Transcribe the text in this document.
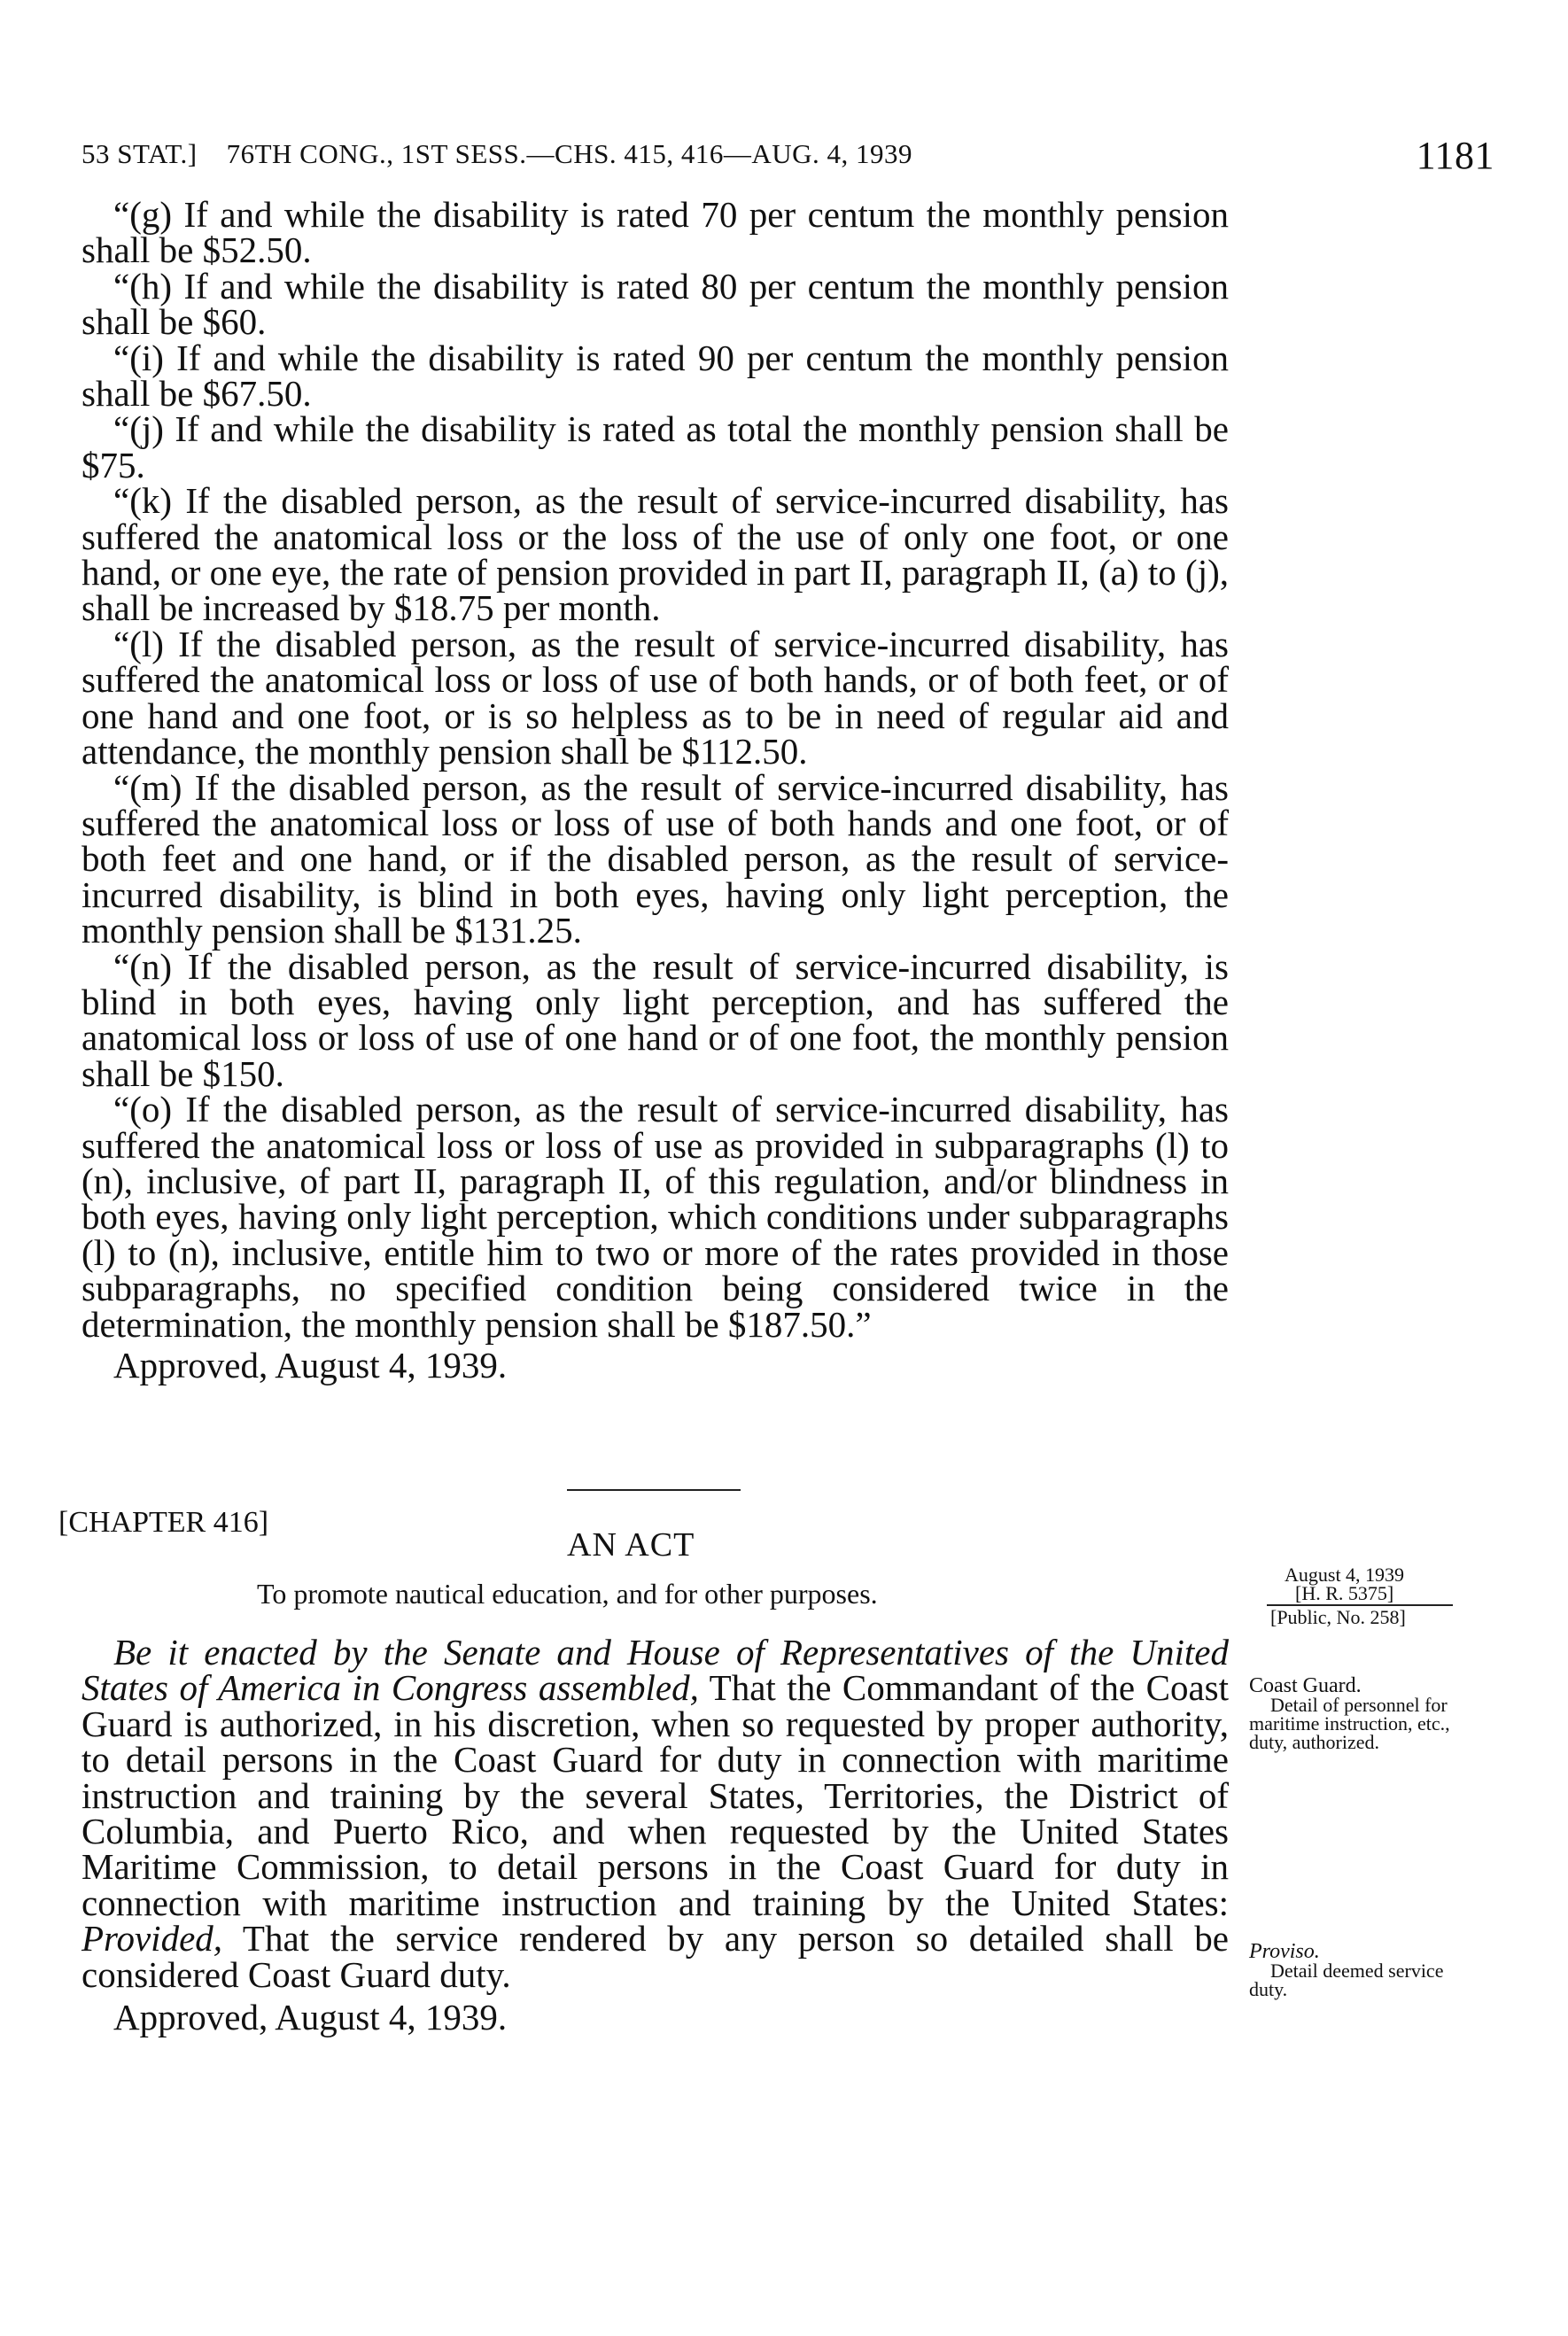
53 STAT.]    76TH CONG., 1ST SESS.—CHS. 415, 416—AUG. 4, 1939	1181

“(g) If and while the disability is rated 70 per centum the monthly pension shall be $52.50.

“(h) If and while the disability is rated 80 per centum the monthly pension shall be $60.

“(i) If and while the disability is rated 90 per centum the monthly pension shall be $67.50.

“(j) If and while the disability is rated as total the monthly pension shall be $75.

“(k) If the disabled person, as the result of service-incurred disability, has suffered the anatomical loss or the loss of the use of only one foot, or one hand, or one eye, the rate of pension provided in part II, paragraph II, (a) to (j), shall be increased by $18.75 per month.

“(l) If the disabled person, as the result of service-incurred disability, has suffered the anatomical loss or loss of use of both hands, or of both feet, or of one hand and one foot, or is so helpless as to be in need of regular aid and attendance, the monthly pension shall be $112.50.

“(m) If the disabled person, as the result of service-incurred disability, has suffered the anatomical loss or loss of use of both hands and one foot, or of both feet and one hand, or if the disabled person, as the result of service-incurred disability, is blind in both eyes, having only light perception, the monthly pension shall be $131.25.

“(n) If the disabled person, as the result of service-incurred disability, is blind in both eyes, having only light perception, and has suffered the anatomical loss or loss of use of one hand or of one foot, the monthly pension shall be $150.

“(o) If the disabled person, as the result of service-incurred disability, has suffered the anatomical loss or loss of use as provided in subparagraphs (l) to (n), inclusive, of part II, paragraph II, of this regulation, and/or blindness in both eyes, having only light perception, which conditions under subparagraphs (l) to (n), inclusive, entitle him to two or more of the rates provided in those subparagraphs, no specified condition being considered twice in the determination, the monthly pension shall be $187.50.”

Approved, August 4, 1939.

[CHAPTER 416]
AN ACT
To promote nautical education, and for other purposes.

Be it enacted by the Senate and House of Representatives of the United States of America in Congress assembled, That the Commandant of the Coast Guard is authorized, in his discretion, when so requested by proper authority, to detail persons in the Coast Guard for duty in connection with maritime instruction and training by the several States, Territories, the District of Columbia, and Puerto Rico, and when requested by the United States Maritime Commission, to detail persons in the Coast Guard for duty in connection with maritime instruction and training by the United States: Provided, That the service rendered by any person so detailed shall be considered Coast Guard duty.

Approved, August 4, 1939.

August 4, 1939
[H. R. 5375]
[Public, No. 258]
Coast Guard.
Detail of personnel for maritime instruction, etc., duty, authorized.
Proviso.
Detail deemed service duty.
